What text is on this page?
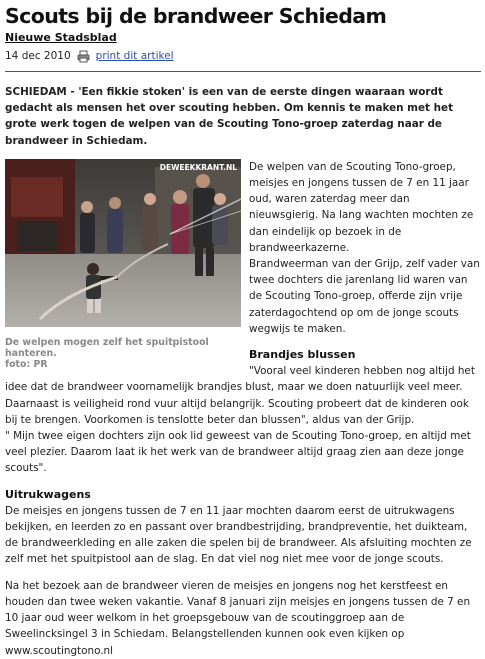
Scouts bij de brandweer Schiedam
Nieuwe Stadsblad
14 dec 2010 print dit artikel

SCHIEDAM - 'Een fikkie stoken' is een van de eerste dingen waaraan wordt gedacht als mensen het over scouting hebben. Om kennis te maken met het grote werk togen de welpen van de Scouting Tono-groep zaterdag naar de brandweer in Schiedam.

DEWEEKKRANT.NL
De welpen mogen zelf het spuitpistool hanteren.
foto: PR

De welpen van de Scouting Tono-groep, meisjes en jongens tussen de 7 en 11 jaar oud, waren zaterdag meer dan nieuwsgierig. Na lang wachten mochten ze dan eindelijk op bezoek in de brandweerkazerne.

Brandweerman van der Grijp, zelf vader van twee dochters die jarenlang lid waren van de Scouting Tono-groep, offerde zijn vrije zaterdagochtend op om de jonge scouts wegwijs te maken.

Brandjes blussen

"Vooral veel kinderen hebben nog altijd het idee dat de brandweer voornamelijk brandjes blust, maar we doen natuurlijk veel meer. Daarnaast is veiligheid rond vuur altijd belangrijk. Scouting probeert dat de kinderen ook bij te brengen. Voorkomen is tenslotte beter dan blussen", aldus van der Grijp.

" Mijn twee eigen dochters zijn ook lid geweest van de Scouting Tono-groep, en altijd met veel plezier. Daarom laat ik het werk van de brandweer altijd graag zien aan deze jonge scouts".

Uitrukwagens

De meisjes en jongens tussen de 7 en 11 jaar mochten daarom eerst de uitrukwagens bekijken, en leerden zo en passant over brandbestrijding, brandpreventie, het duikteam, de brandweerkleding en alle zaken die spelen bij de brandweer. Als afsluiting mochten ze zelf met het spuitpistool aan de slag. En dat viel nog niet mee voor de jonge scouts.

Na het bezoek aan de brandweer vieren de meisjes en jongens nog het kerstfeest en houden dan twee weken vakantie. Vanaf 8 januari zijn meisjes en jongens tussen de 7 en 10 jaar oud weer welkom in het groepsgebouw van de scoutinggroep aan de Sweelincksingel 3 in Schiedam. Belangstellenden kunnen ook even kijken op www.scoutingtono.nl
